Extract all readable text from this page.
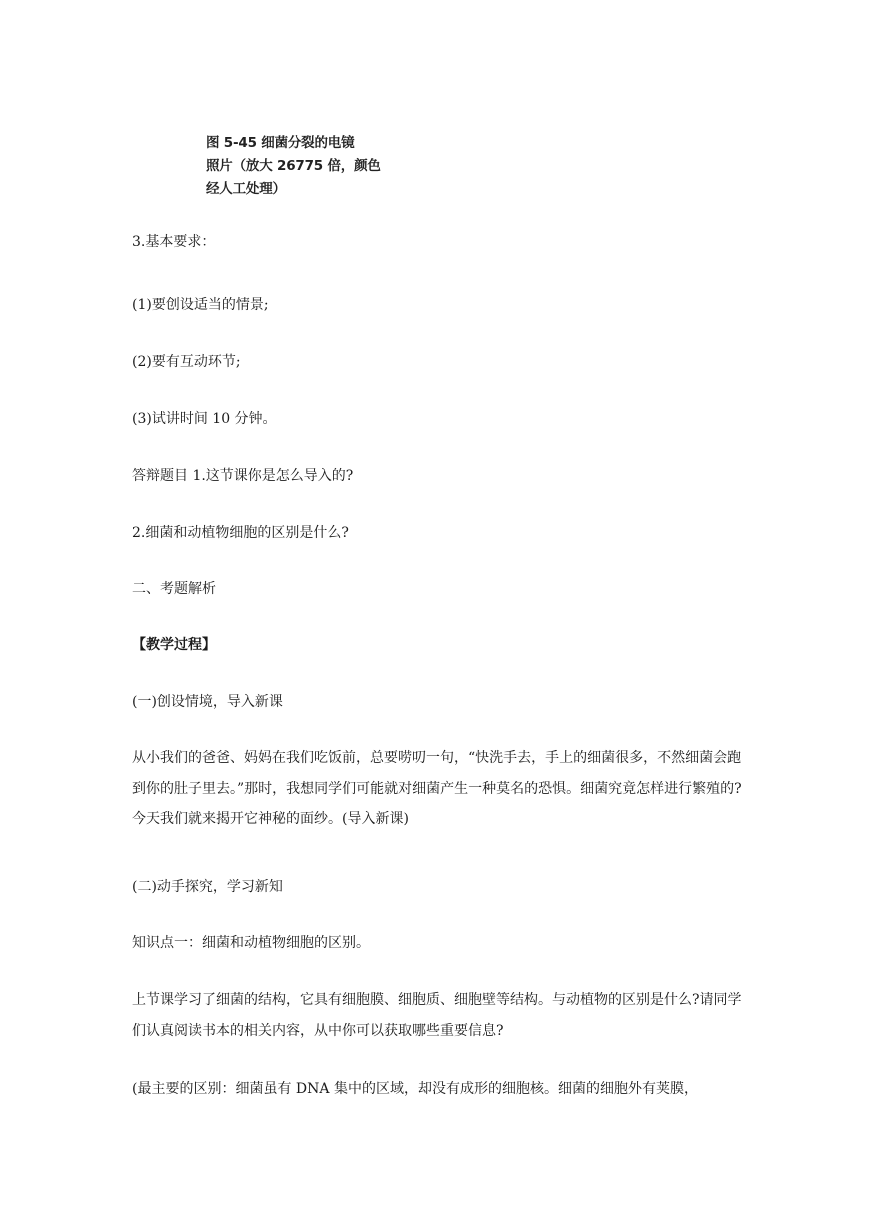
图 5-45 细菌分裂的电镜
照片（放大 26775 倍，颜色
经人工处理）
3.基本要求：
(1)要创设适当的情景;
(2)要有互动环节;
(3)试讲时间 10 分钟。
答辩题目 1.这节课你是怎么导入的?
2.细菌和动植物细胞的区别是什么?
二、考题解析
【教学过程】
(一)创设情境，导入新课
从小我们的爸爸、妈妈在我们吃饭前，总要唠叨一句，“快洗手去，手上的细菌很多，不然细菌会跑到你的肚子里去。”那时，我想同学们可能就对细菌产生一种莫名的恐惧。细菌究竟怎样进行繁殖的?今天我们就来揭开它神秘的面纱。(导入新课)
(二)动手探究，学习新知
知识点一：细菌和动植物细胞的区别。
上节课学习了细菌的结构，它具有细胞膜、细胞质、细胞壁等结构。与动植物的区别是什么?请同学们认真阅读书本的相关内容，从中你可以获取哪些重要信息?
(最主要的区别：细菌虽有 DNA 集中的区域，却没有成形的细胞核。细菌的细胞外有荚膜，
